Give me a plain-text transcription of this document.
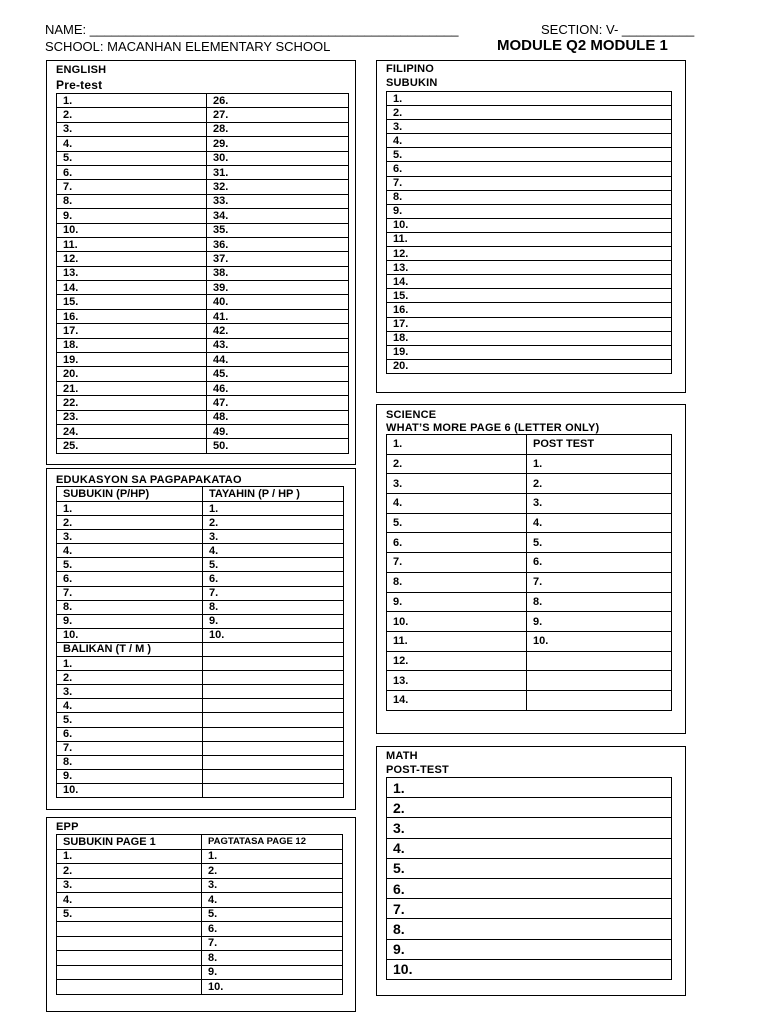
NAME: ___________________________________________________	SECTION: V- __________
SCHOOL: MACANHAN ELEMENTARY SCHOOL	MODULE Q2 MODULE 1
ENGLISH
Pre-test
1.	26.
2.	27.
3.	28.
4.	29.
5.	30.
6.	31.
7.	32.
8.	33.
9.	34.
10.	35.
11.	36.
12.	37.
13.	38.
14.	39.
15.	40.
16.	41.
17.	42.
18.	43.
19.	44.
20.	45.
21.	46.
22.	47.
23.	48.
24.	49.
25.	50.
FILIPINO
SUBUKIN
1.
2.
3.
4.
5.
6.
7.
8.
9.
10.
11.
12.
13.
14.
15.
16.
17.
18.
19.
20.
EDUKASYON SA PAGPAPAKATAO
SUBUKIN (P/HP)	TAYAHIN (P / HP )
1.	1.
2.	2.
3.	3.
4.	4.
5.	5.
6.	6.
7.	7.
8.	8.
9.	9.
10.	10.
BALIKAN (T / M )	
1.	
2.	
3.	
4.	
5.	
6.	
7.	
8.	
9.	
10.	
SCIENCE
WHAT’S MORE PAGE 6 (LETTER ONLY)
1.	POST TEST
2.	1.
3.	2.
4.	3.
5.	4.
6.	5.
7.	6.
8.	7.
9.	8.
10.	9.
11.	10.
12.	
13.	
14.	
EPP
SUBUKIN PAGE 1	PAGTATASA PAGE 12
1.	1.
2.	2.
3.	3.
4.	4.
5.	5.
	6.
	7.
	8.
	9.
	10.
MATH
POST-TEST
1.
2.
3.
4.
5.
6.
7.
8.
9.
10.
